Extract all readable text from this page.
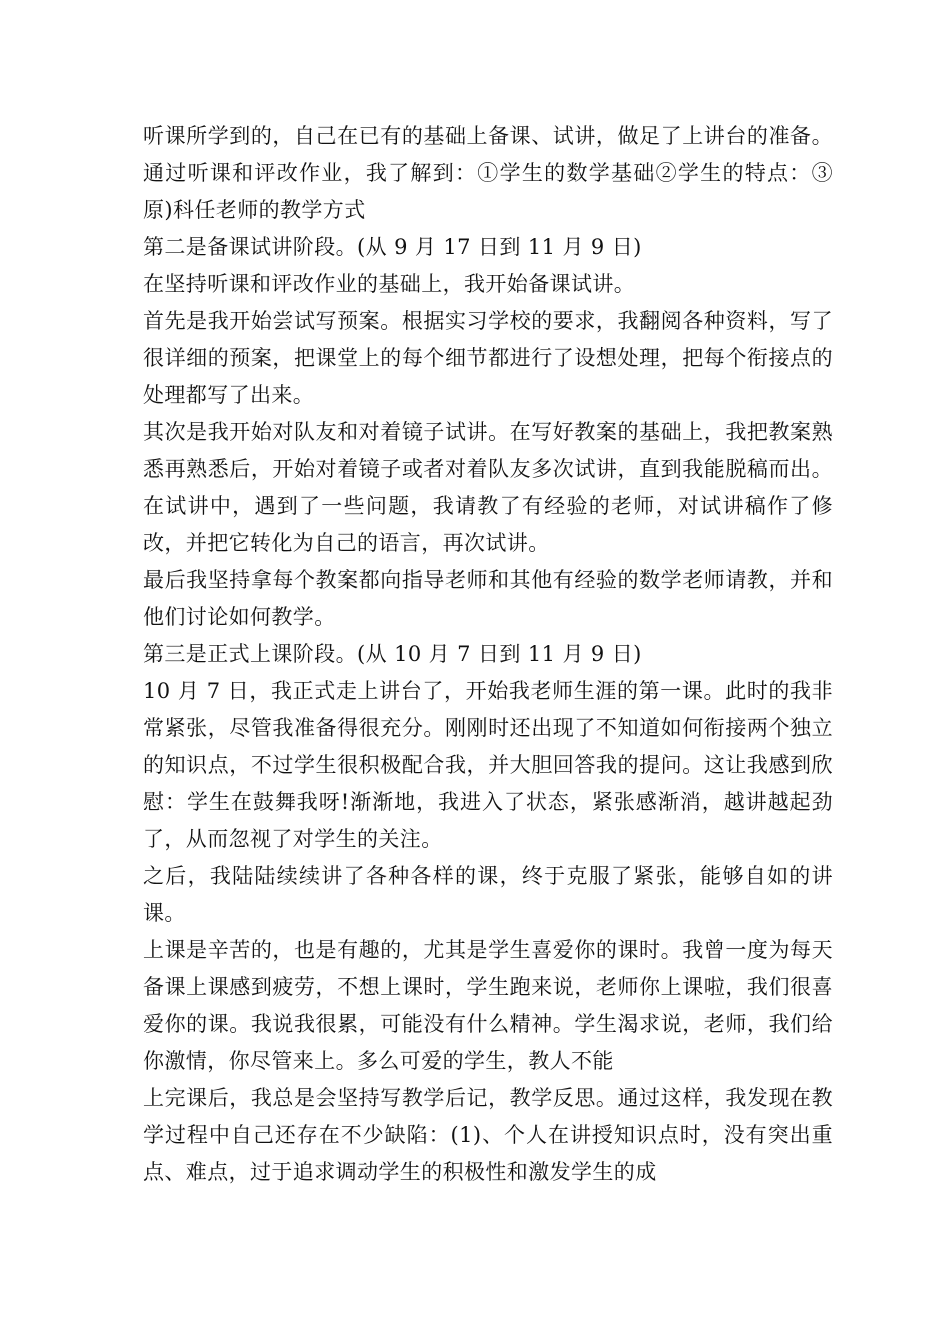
听课所学到的，自己在已有的基础上备课、试讲，做足了上讲台的准备。通过听课和评改作业，我了解到：①学生的数学基础②学生的特点：③原)科任老师的教学方式

第二是备课试讲阶段。(从 9 月 17 日到 11 月 9 日)

在坚持听课和评改作业的基础上，我开始备课试讲。

首先是我开始尝试写预案。根据实习学校的要求，我翻阅各种资料，写了很详细的预案，把课堂上的每个细节都进行了设想处理，把每个衔接点的处理都写了出来。

其次是我开始对队友和对着镜子试讲。在写好教案的基础上，我把教案熟悉再熟悉后，开始对着镜子或者对着队友多次试讲，直到我能脱稿而出。在试讲中，遇到了一些问题，我请教了有经验的老师，对试讲稿作了修改，并把它转化为自己的语言，再次试讲。

最后我坚持拿每个教案都向指导老师和其他有经验的数学老师请教，并和他们讨论如何教学。

第三是正式上课阶段。(从 10 月 7 日到 11 月 9 日)

10 月 7 日，我正式走上讲台了，开始我老师生涯的第一课。此时的我非常紧张，尽管我准备得很充分。刚刚时还出现了不知道如何衔接两个独立的知识点，不过学生很积极配合我，并大胆回答我的提问。这让我感到欣慰：学生在鼓舞我呀!渐渐地，我进入了状态，紧张感渐消，越讲越起劲了，从而忽视了对学生的关注。

之后，我陆陆续续讲了各种各样的课，终于克服了紧张，能够自如的讲课。

上课是辛苦的，也是有趣的，尤其是学生喜爱你的课时。我曾一度为每天备课上课感到疲劳，不想上课时，学生跑来说，老师你上课啦，我们很喜爱你的课。我说我很累，可能没有什么精神。学生渴求说，老师，我们给你激情，你尽管来上。多么可爱的学生，教人不能

上完课后，我总是会坚持写教学后记，教学反思。通过这样，我发现在教学过程中自己还存在不少缺陷：(1)、个人在讲授知识点时，没有突出重点、难点，过于追求调动学生的积极性和激发学生的成
